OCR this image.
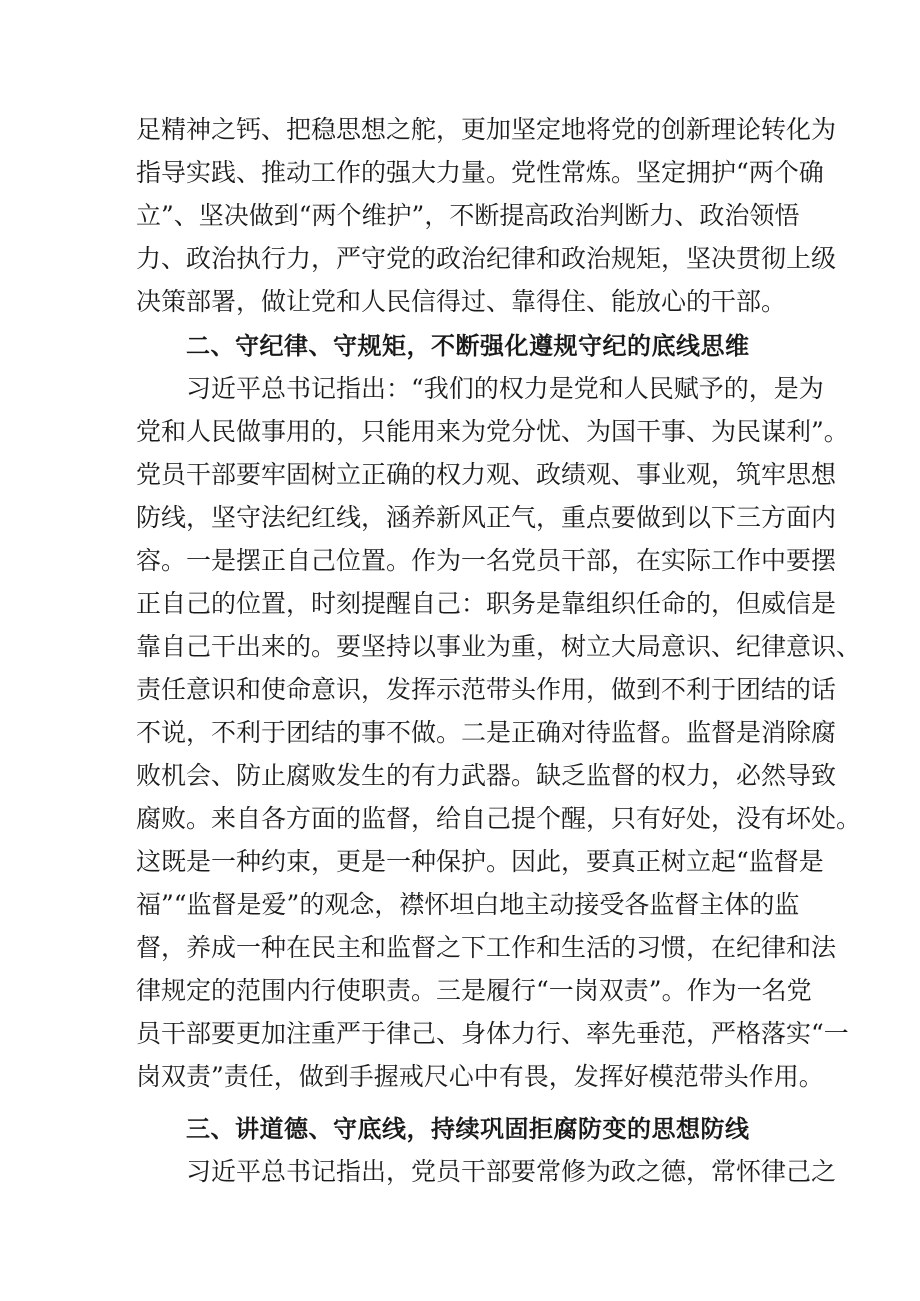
足精神之钙、把稳思想之舵，更加坚定地将党的创新理论转化为
指导实践、推动工作的强大力量。党性常炼。坚定拥护“两个确
立”、坚决做到“两个维护”，不断提高政治判断力、政治领悟
力、政治执行力，严守党的政治纪律和政治规矩，坚决贯彻上级
决策部署，做让党和人民信得过、靠得住、能放心的干部。
二、守纪律、守规矩，不断强化遵规守纪的底线思维
习近平总书记指出：“我们的权力是党和人民赋予的，是为
党和人民做事用的，只能用来为党分忧、为国干事、为民谋利”。
党员干部要牢固树立正确的权力观、政绩观、事业观，筑牢思想
防线，坚守法纪红线，涵养新风正气，重点要做到以下三方面内
容。一是摆正自己位置。作为一名党员干部，在实际工作中要摆
正自己的位置，时刻提醒自己：职务是靠组织任命的，但威信是
靠自己干出来的。要坚持以事业为重，树立大局意识、纪律意识、
责任意识和使命意识，发挥示范带头作用，做到不利于团结的话
不说，不利于团结的事不做。二是正确对待监督。监督是消除腐
败机会、防止腐败发生的有力武器。缺乏监督的权力，必然导致
腐败。来自各方面的监督，给自己提个醒，只有好处，没有坏处。
这既是一种约束，更是一种保护。因此，要真正树立起“监督是
福”“监督是爱”的观念，襟怀坦白地主动接受各监督主体的监
督，养成一种在民主和监督之下工作和生活的习惯，在纪律和法
律规定的范围内行使职责。三是履行“一岗双责”。作为一名党
员干部要更加注重严于律己、身体力行、率先垂范，严格落实“一
岗双责”责任，做到手握戒尺心中有畏，发挥好模范带头作用。
三、讲道德、守底线，持续巩固拒腐防变的思想防线
习近平总书记指出，党员干部要常修为政之德，常怀律己之
